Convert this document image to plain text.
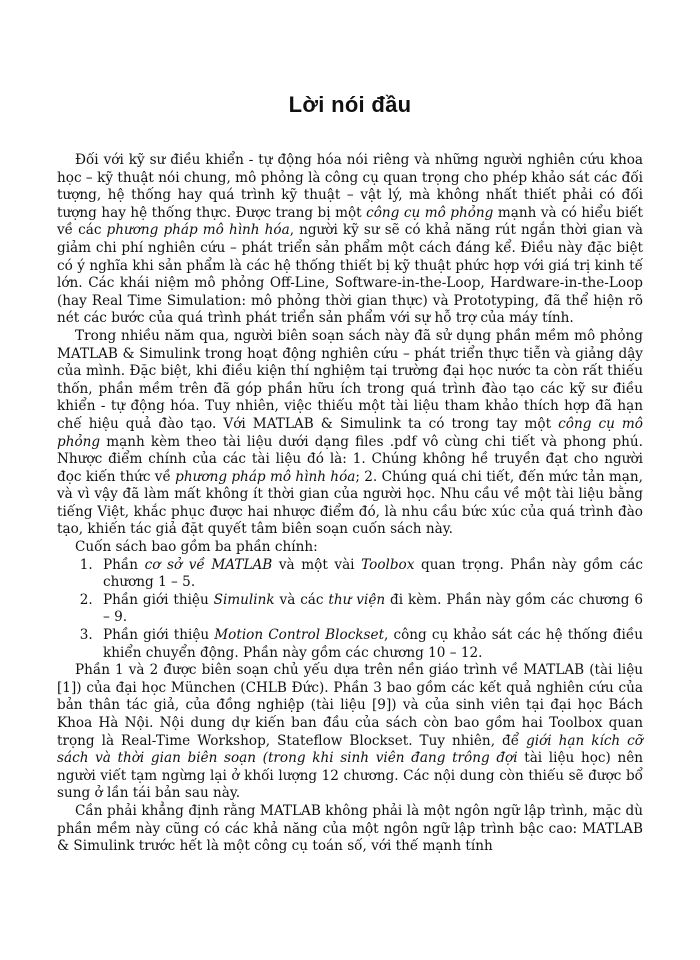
Lời nói đầu

Đối với kỹ sư điều khiển - tự động hóa nói riêng và những người nghiên cứu khoa học – kỹ thuật nói chung, mô phỏng là công cụ quan trọng cho phép khảo sát các đối tượng, hệ thống hay quá trình kỹ thuật – vật lý, mà không nhất thiết phải có đối tượng hay hệ thống thực. Được trang bị một công cụ mô phỏng mạnh và có hiểu biết về các phương pháp mô hình hóa, người kỹ sư sẽ có khả năng rút ngắn thời gian và giảm chi phí nghiên cứu – phát triển sản phẩm một cách đáng kể. Điều này đặc biệt có ý nghĩa khi sản phẩm là các hệ thống thiết bị kỹ thuật phức hợp với giá trị kinh tế lớn. Các khái niệm mô phỏng Off-Line, Software-in-the-Loop, Hardware-in-the-Loop (hay Real Time Simulation: mô phỏng thời gian thực) và Prototyping, đã thể hiện rõ nét các bước của quá trình phát triển sản phẩm với sự hỗ trợ của máy tính.

Trong nhiều năm qua, người biên soạn sách này đã sử dụng phần mềm mô phỏng MATLAB & Simulink trong hoạt động nghiên cứu – phát triển thực tiễn và giảng dậy của mình. Đặc biệt, khi điều kiện thí nghiệm tại trường đại học nước ta còn rất thiếu thốn, phần mềm trên đã góp phần hữu ích trong quá trình đào tạo các kỹ sư điều khiển - tự động hóa. Tuy nhiên, việc thiếu một tài liệu tham khảo thích hợp đã hạn chế hiệu quả đào tạo. Với MATLAB & Simulink ta có trong tay một công cụ mô phỏng mạnh kèm theo tài liệu dưới dạng files .pdf vô cùng chi tiết và phong phú. Nhược điểm chính của các tài liệu đó là: 1. Chúng không hề truyền đạt cho người đọc kiến thức về phương pháp mô hình hóa; 2. Chúng quá chi tiết, đến mức tản mạn, và vì vậy đã làm mất không ít thời gian của người học. Nhu cầu về một tài liệu bằng tiếng Việt, khắc phục được hai nhược điểm đó, là nhu cầu bức xúc của quá trình đào tạo, khiến tác giả đặt quyết tâm biên soạn cuốn sách này.

Cuốn sách bao gồm ba phần chính:

1. Phần cơ sở về MATLAB và một vài Toolbox quan trọng. Phần này gồm các chương 1 – 5.
2. Phần giới thiệu Simulink và các thư viện đi kèm. Phần này gồm các chương 6 – 9.
3. Phần giới thiệu Motion Control Blockset, công cụ khảo sát các hệ thống điều khiển chuyển động. Phần này gồm các chương 10 – 12.

Phần 1 và 2 được biên soạn chủ yếu dựa trên nền giáo trình về MATLAB (tài liệu [1]) của đại học München (CHLB Đức). Phần 3 bao gồm các kết quả nghiên cứu của bản thân tác giả, của đồng nghiệp (tài liệu [9]) và của sinh viên tại đại học Bách Khoa Hà Nội. Nội dung dự kiến ban đầu của sách còn bao gồm hai Toolbox quan trọng là Real-Time Workshop, Stateflow Blockset. Tuy nhiên, để giới hạn kích cỡ sách và thời gian biên soạn (trong khi sinh viên đang trông đợi tài liệu học) nên người viết tạm ngừng lại ở khối lượng 12 chương. Các nội dung còn thiếu sẽ được bổ sung ở lần tái bản sau này.

Cần phải khẳng định rằng MATLAB không phải là một ngôn ngữ lập trình, mặc dù phần mềm này cũng có các khả năng của một ngôn ngữ lập trình bậc cao: MATLAB & Simulink trước hết là một công cụ toán số, với thế mạnh tính
